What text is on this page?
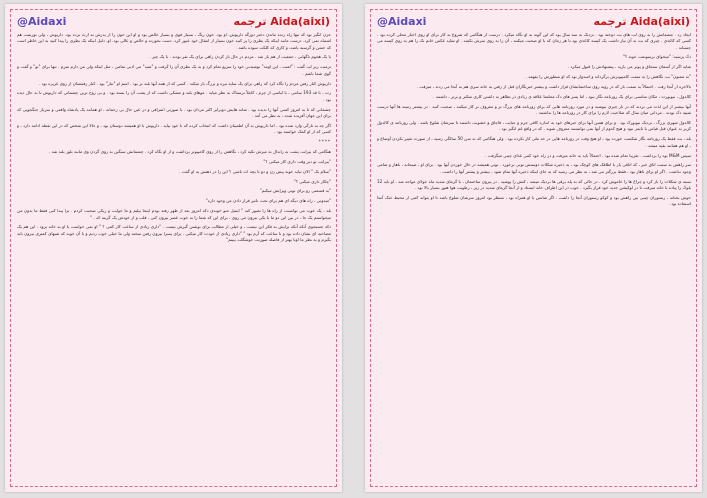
@Aidaxi	ترجمه Aida(aixi)

حزن انگیز بود که تنها راه زنده ماندن دختر دورگه داریوش، او بود. خون رنگ ، بسیار قوی و بسیار خالص بود و او این خون را از پدرش به ارث برده بود. داریوش ، ولی تورنتیت هم اشتباه نمی کرد. درست مانند اینکه یک بطری را پر کنید خون بسیار از انتقال خود عبور کرد. دست نخورده و خالص و عالی بود. او، دلیل اینکه یک بطری را پیدا کنید به این خاطر است که خشن و گرسنه باشد، و کاری که کلکت سوده باشد.

با یک هجوم ناگهانی ، جمعیت از هم باز شد . مردم در حال باز کردن راهی برای یک نفر بودند . با یک چیز .

ترمنت زیر لب گفت : "لعنت ، این اومد" نوشیدنی خود را سریع تمام کرد و به یک بطری آن را گرفت و "شید" می ادبی تمامی ، مثل اینکه ولی من دارم میرم . تنها برای "تو" و گفت و گوی شما باشم .

داریوش کنار رفتن مردم را نگاه کرد که راهی برای یک سایه تیره و بزرگ باز میکند . کسی که از همه آنها بلند تر بود . اسم او "تبار" بود . کنار رفتنشان از روی غریزه بود .

رت ، با قد 193 سانتی ، با لباسی از چرم ، کاملاً ترسناک به نظر میاید . موهای بلند و مشکی داشت که از پشت آن را بسته بود . و بی روح ترین چشمانی که داریوش تا به حال دیده بود .

چشمانی که تا به امروز کسی آنها را ندیده بود . شانه هایش دوبرابر اکثر مردان بود . با صورتی اشرافی و در عین حال بی رحمانه ، او همانند یک پادشاه واقعی و سرباز جنگجویی که برای این جهان آفریده شده ، به نظر می آمد .

اگر چه به تازگی وارد شده بود ، اما داریوش به آن اطمینان داشت که انتخاب کرده که با خود بیاید . داریوش با او همیشه دوستان بود ، و حالا این شخص که در این نقطه ادامه دارد ، و کسی که از او کمک خواسته بود .

****

هنگامی که بیزابت پشت به راندال به میزش تکیه کرد ، نگاهش را از روی کامپیوتر برداشت و از او نگاه کرد . چشمانش سنگین به روی گردن وی مانند بلوز بلند شد .

"بیزابت تو دیر وقت داری کار میکنی ؟"

"سلام بک " الان نباید خونه پیش زن و دو تا بچه ات باشی ؟ این را در ذهنش به او گفت .

"چکار داری میکنی ؟"

"به قسمتی رو برای توتی ویرایش میکنم"

"میدونی ، راه های دیگه ای هم برای تحت تاثیر قرار دادن من وجود داره"

بله ، یک خوب می توانست از راه ها را تصور کند " ایمیل منو خوندی دکه امروز بعد از ظهر رفته بودم اینجا بیلیم و ما خوابت و ریکی صحبت کردم . ترا پیدا کنی فقط ما بدون من میخواستم یک جا ، در بین این دو ما با یکی بیرون می روی ، برای این که شما را به خوب عصر بیرون کنی . قلب و از خودش یک گزینه که . "

دکه جستجوی آنکه آنکه برایش به فکر این نیست ، و خیلی از مطالب برای نوشتن گیرش نیست . "داری زیادی از ساعت کار کمی ؟ " او نمی خواست با او به خانه برود . این هم یک مصاحبه ای نشان داده بود و تا ساعت که آرم بود " "داری زیادی از خودت کار میکنی . برای پسرا بیرون رفتن سخته ولی ما خیلی خوب زدیم و با آن خوبه که شبهای کمتری بیرون باید بگیرم و به نظر ما اونا بهتر از فاصله صورتت خوشگلت ببینم"

@Aidaxi	ترجمه Aida(aixi)

ایجاد زد . چشمانش را به روی لب های بث دوخته بود . نزدیک به سه سال بود که این گونه به او نگاه میکرد . درست از هنگامی که شروع به کار برای او روی اخبار محلی کرده بود . کسی که کاغذی . چیزی که بث به آن نیاز داشت یک کیسه کاغذی بود تا هر زمان که با او صحبت میکنند ، آن را به روی سرش بکشد . او شاید عکس خانم نک را هم به روی کیسه می چسباند .

دک پرسید: "میخوای برسونمت خونه ؟"

شاید اگر از آسمان سنجاق و پونز می بارید ، پیشنهادش را قبول میکرد .

"نه ممنون" بث نگاهش را به سمت کامپیوترش برگرداند و امیدوار بود که او منظورش را بفهمد .

بالاخره از آنجا رفت . احتمالاً به سمت بار که در روبه روی ساختمانشان قرار داشت و بیشتر خبرنگاران قبل از رفتن به خانه سری هم به آنجا می زدند ، میرفت .

کالدول ، نیوپورت ، مکان مناسبی برای یک روزنامه نگار نبود ، اما پسر های دک محلمتا علاقه ی زیادی در تظاهر به داشتن کاری متکبر و برتر ، داشتند .

آنها بیشتر از این لذت می بردند که در بار چیزی بنوشند و در مورد روزنامه هایی که برای روزنامه های بزرگ تر و معروف تر کار میکنند ، صحبت کنند . در بیشتر زمینه ها آنها درست شبیه دک بودند . مردانی میان سال که صلاحیت لازم را برای کار در روزنامه ها را نداشتند .

کالدول شهری بزرگ ، نزدیک نیویورک بود . و برای همین آنها برای خبرهای خود به اندازه کافی جرم و جنایت ، قاچاق و خشونت داشتند تا سرشان شلوغ باشد . ولی روزنامه ی کالدول کریر به عنوان قتل قیاس با تایمز نبود و هیچ کدوم از آنها نمی توانستند معروف شوند . که در واقع غم انگیز بود .

بله ، بث فقط یک روزنامه نگار شکست خورده بود ، او هیچ وقت در روزنامه هایی در حد ملی کار نکرده بود . ولی هنگامی که به سن 50 سالگی رسید ، از صورت تغییر نکردن آوضاع و ، او هم همانند بقیه میشد .

سپس M&M بود را برداشت . تقریبا تمام شده بود . احتمالاً باید به خانه میرفت و در راه خود کمی غذای چینی میگرفت .

سر راهش به سمت اتاق خبر ، که اتاقی باز با اطاقک های کوچک بود ، به ذخیره شکلات دوستش توتی برخورد . توتی همیشه در حال خوردن آنها بود . برای او ، صبحانه ، ناهار و شامی وجود نداشت . اگر او برای ناهار بود ، فقط بزرگتر می شد ، به نظر می رسید که به جای اینکه ذخیره آنها تمام شود ، بیشتر و بیشتر آنها را داشت .

بسته ی شکلات را باز کرد و چراغ ها را خاموش کرد . در حالی که به پله برقی ها نزدیک میشد ، کتش را پوشید . در بیرون ساختمان ، با گرمای شدید ماه جولای مواجه شد . او باید 12 بلوک را پیاده تا خانه میرفت تا در لوکیشن جدید خود قرار بگیرد . خوب در این اطراف خانه ایستاد و از آنجا گرمای شدید در زیر ، رطوبت هوا هنوز بسیار بالا بود .

خوش بختانه ، رستوران چینی بین راهش بود و کوکو رستوران آنجا را داشت . اگر شانس با او همراه بود ، منتظر بود امروز سرشان شلوغ باشد تا او بتواند کمی از محیط خنک آنجا استفاده بود .
